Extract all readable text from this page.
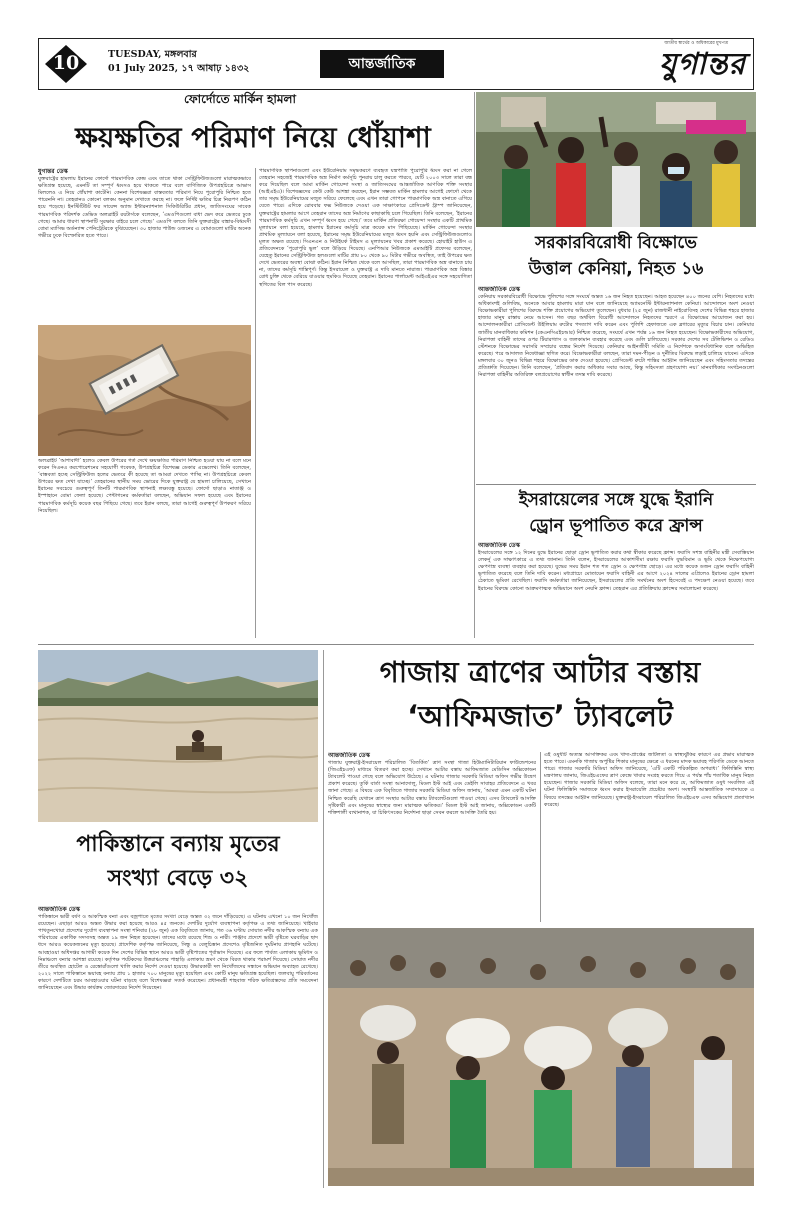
10	TUESDAY, মঙ্গলবার
01 July 2025, ১৭ আষাঢ় ১৪৩২	আন্তর্জাতিক
জাতীয় স্বার্থের ও অধিকারের মুখপত্র
যুগান্তর
ফোর্দোতে মার্কিন হামলা
ক্ষয়ক্ষতির পরিমাণ নিয়ে ধোঁয়াশা
যুগান্তর ডেস্ক
যুক্তরাষ্ট্রের হামলায় ইরানের ফোর্দো পারমাণবিক কেন্দ্র এবং তাতে থাকা সেন্ট্রিফিউজগুলো মারাত্মকভাবে ক্ষতিগ্রস্ত হয়েছে, এমনটি তা সম্পূর্ণ ধ্বংসও হয়ে থাকতে পারে বলে বাণিজ্যিক উপগ্রহচিত্রে আভাস মিললেও এ নিয়ে ধোঁয়াশা কাটেনি। কেননা বিশেষজ্ঞরা বাস্তবতার পরিমাণ নিয়ে পুরোপুরি নিশ্চিত হতে পারেননি না। তেহরানও কোনো বলকম অনুমান দেখাতে করছে না। ফলে নির্দিষ্ট ক্ষতির চিত্র নিরূপণ কঠিন হয়ে পড়েছে। ইনস্টিটিউট ফর সায়েন্স অ্যান্ড ইন্টারন্যাশনাল সিকিউরিটির প্রধান, জাতিসংঘের সাবেক পারমাণবিক পরিদর্শক ডেভিড অলব্রাইট রয়টার্সকে বলেছেন, ‘এমওপিগুলো বাধা ভেদ করে ভেতরে ঢুকে গেছে। আমার ধারণা স্থাপনাটি সুরক্ষার বাইরে চলে গেছে।’ এমওপি বলতে তিনি যুক্তরাষ্ট্রের বাঙ্কার-বিধ্বংসী বোমা ম্যাসিভ অর্ডন্যান্স পেনিট্রেটরকে বুঝিয়েছেন। ৩০ হাজার পাউন্ড ওজনের এ বোমাগুলো মাটির অনেক গভীরে ঢুকে বিস্ফোরিত হতে পারে।
অলব্রাইট ‘আশাবাদী’ হলেও কেবল উপরের গর্ত দেখে ক্ষয়ক্ষতির পরিমাণ নিশ্চিত হওয়া যায় না বলে মনে করেন সিএনএ করপোরেশনের সহযোগী গবেষক, উপগ্রহচিত্র বিশেষজ্ঞ ডেকার এভেলেথ। তিনি বলেছেন, ‘বাস্তবতা হচ্ছে সেন্ট্রিফিউজ হলের ভেতরে কী হয়েছে তা আমরা দেখতে পাচ্ছি না। উপগ্রহচিত্রে কেবল উপরের ক্ষত দেখা যাচ্ছে।’ তেহরানের স্থানীয় সময় ভোরের দিকে যুক্তরাষ্ট্র যে হামলা চালিয়েছে, সেখানে ইরানের সবচেয়ে গুরুত্বপূর্ণ তিনটি পারমাণবিক স্থাপনাই লক্ষ্যবস্তু হয়েছে। ফোর্দো ছাড়াও নাতাঞ্জ ও ইস্পাহানে বোমা ফেলা হয়েছে। পেন্টাগনের কর্মকর্তারা বলছেন, অভিযান সফল হয়েছে এবং ইরানের পারমাণবিক কর্মসূচি কয়েক বছর পিছিয়ে গেছে। তবে ইরান বলছে, তারা আগেই গুরুত্বপূর্ণ উপকরণ সরিয়ে নিয়েছিল।
পারমাণবিক স্থাপনাগুলো এবং ইউরেনিয়াম সমৃদ্ধকরণে ব্যবহৃত যন্ত্রপাতি পুরোপুরি ধ্বংস করা না গেলে তেহরান সহজেই পারমাণবিক অস্ত্র নির্মাণ কর্মসূচি পুনরায় চালু করতে পারবে, যেটি ২০০৩ সালে তারা বন্ধ করে দিয়েছিল বলে আমা মার্কিন গোয়েন্দা সংস্থা ও জাতিসংঘের আন্তর্জাতিক আণবিক শক্তি সংস্থার (আইএইএ)। বিশেষজ্ঞদের কেউ কেউ আশঙ্কা করছেন, ইরান সম্ভবত মার্কিন হামলার আগেই ফোর্দো থেকে তার সমৃদ্ধ ইউরেনিয়ামের মজুত সরিয়ে ফেলেছে এবং এখন তারা গোপনে পারমাণবিক অস্ত্র বানাতে এগিয়ে যেতে পারে। এদিকে রোববার ফক্স নিউজকে দেওয়া এক সাক্ষাৎকারে প্রেসিডেন্ট ট্রাম্প জানিয়েছেন, যুক্তরাষ্ট্রের হামলার আগে তেহরান তাদের অস্ত্র নির্মাণের কাছাকাছি চলে গিয়েছিল। তিনি বলেছেন, ‘ইরানের পারমাণবিক কর্মসূচি এখন সম্পূর্ণ ধ্বংস হয়ে গেছে।’ তবে মার্কিন প্রতিরক্ষা গোয়েন্দা সংস্থার একটি প্রাথমিক মূল্যায়নে বলা হয়েছে, হামলায় ইরানের কর্মসূচি মাত্র কয়েক মাস পিছিয়েছে। মার্কিন গোয়েন্দা সংস্থার প্রাথমিক মূল্যায়নে বলা হয়েছে, ইরানের সমৃদ্ধ ইউরেনিয়ামের মজুত ধ্বংস হয়নি এবং সেন্ট্রিফিউজগুলোও মূলত অক্ষত রয়েছে। সিএনএন ও নিউইয়র্ক টাইমস এ মূল্যায়নের খবর প্রকাশ করেছে। হোয়াইট হাউস এ প্রতিবেদনকে ‘পুরোপুরি ভুল’ বলে উড়িয়ে দিয়েছে। এনপিআর নিউজকে এমআইটি প্রফেসর বলেছেন, যেহেতু ইরানের সেন্ট্রিফিউজ হলগুলো মাটির প্রায় ৮০ থেকে ৯০ মিটার গভীরে অবস্থিত, তাই উপরের ক্ষত দেখে ভেতরের অবস্থা বোঝা কঠিন। ইরান নিশ্চিত থেকে বলে আসছিল, তারা পারমাণবিক অস্ত্র বানাতে চায় না, তাদের কর্মসূচি শান্তিপূর্ণ। কিন্তু ইসরায়েল ও যুক্তরাষ্ট্র এ দাবি মানতে নারাজ। পারমাণবিক অস্ত্র বিস্তার রোধ চুক্তি থেকে বেরিয়ে যাওয়ার হুমকিও দিয়েছে তেহরান। ইরানের পার্লামেন্ট আইএইএর সঙ্গে সহযোগিতা স্থগিতের বিল পাস করেছে।
সরকারবিরোধী বিক্ষোভে
উত্তাল কেনিয়া, নিহত ১৬
আন্তর্জাতিক ডেস্ক
কেনিয়ায় সরকারবিরোধী বিক্ষোভে পুলিশের সঙ্গে সংঘর্ষে অন্তত ১৬ জন নিহত হয়েছেন। আহত হয়েছেন ৪০০ জনের বেশি। নিহতদের মধ্যে অধিকাংশই গুলিবিদ্ধ, অনেকে আবার হামলায় মারা যান বলে জানিয়েছে অ্যামনেস্টি ইন্টারন্যাশনাল কেনিয়া। আন্দোলনে অংশ নেওয়া বিক্ষোভকারীরা পুলিশের বিরুদ্ধে শক্তি প্রয়োগের অভিযোগ তুলেছেন। বুধবার (২৫ জুন) রাজধানী নাইরোবিসহ দেশের বিভিন্ন শহরে হাজার হাজার মানুষ রাস্তায় নেমে আসেন। গত বছর অর্থবিল বিরোধী আন্দোলনে নিহতদের স্মরণে এ বিক্ষোভের আয়োজন করা হয়। আন্দোলনকারীরা প্রেসিডেন্ট উইলিয়াম রুটোর পদত্যাগ দাবি করেন এবং পুলিশি হেফাজতে এক ব্লগারের মৃত্যুর বিচার চান। কেনিয়ার জাতীয় মানবাধিকার কমিশন (কেএনসিএইচআর) নিশ্চিত করেছে, সংঘর্ষে এখন পর্যন্ত ১৬ জন নিহত হয়েছেন। বিক্ষোভকারীদের অভিযোগ, নিরাপত্তা বাহিনী তাদের ওপর টিয়ারগ্যাস ও জলকামান ব্যবহার করেছে এবং গুলি চালিয়েছে। সরকার দেশের সব টেলিভিশন ও রেডিও স্টেশনকে বিক্ষোভের সরাসরি সম্প্রচার বন্ধের নির্দেশ দিয়েছে। কেনিয়ার আইনজীবী সমিতি এ নির্দেশকে অসাংবিধানিক বলে অভিহিত করেছে। পরে আদালত নিষেধাজ্ঞা স্থগিত করে। বিক্ষোভকারীরা বলছেন, তারা দমন-পীড়ন ও দুর্নীতির বিরুদ্ধে লড়াই চালিয়ে যাবেন। এদিকে মঙ্গলবার ৩০ জুনও বিভিন্ন শহরে বিক্ষোভের ডাক দেওয়া হয়েছে। প্রেসিডেন্ট রুটো শান্তির আহ্বান জানিয়েছেন এবং সহিংসতার তদন্তের প্রতিশ্রুতি দিয়েছেন। তিনি বলেছেন, ‘প্রতিবাদ করার অধিকার সবার আছে, কিন্তু সহিংসতা গ্রহণযোগ্য নয়।’ মানবাধিকার সংগঠনগুলো নিরাপত্তা বাহিনীর অতিরিক্ত বলপ্রয়োগের স্বাধীন তদন্ত দাবি করেছে।
ইসরায়েলের সঙ্গে যুদ্ধে ইরানি
ড্রোন ভূপাতিত করে ফ্রান্স
আন্তর্জাতিক ডেস্ক
ইসরায়েলের সঙ্গে ১২ দিনের যুদ্ধে ইরানের ছোড়া ড্রোন ভূপাতিত করার কথা স্বীকার করেছে ফ্রান্স। ফরাসি সশস্ত্র বাহিনীর মন্ত্রী সেবাস্তিয়ান লেকর্নু এক সাক্ষাৎকারে এ তথ্য জানান। তিনি বলেন, ইসরায়েলের আকাশসীমা রক্ষায় ফরাসি যুদ্ধবিমান ও ভূমি থেকে নিক্ষেপযোগ্য ক্ষেপণাস্ত্র ব্যবস্থা ব্যবহার করা হয়েছে। যুদ্ধের সময় ইরান শত শত ড্রোন ও ক্ষেপণাস্ত্র ছোড়ে। এর মধ্যে কয়েক ডজন ড্রোন ফরাসি বাহিনী ভূপাতিত করেছে বলে তিনি দাবি করেন। মধ্যপ্রাচ্যে মোতায়েন ফরাসি বাহিনী এর আগে ২০২৪ সালের এপ্রিলেও ইরানের ড্রোন হামলা ঠেকাতে ভূমিকা রেখেছিল। ফরাসি কর্মকর্তারা জানিয়েছেন, ইসরায়েলের প্রতি সমর্থনের অংশ হিসেবেই এ পদক্ষেপ নেওয়া হয়েছে। তবে ইরানের বিরুদ্ধে কোনো আক্রমণাত্মক অভিযানে অংশ নেয়নি ফ্রান্স। তেহরান এর প্রতিক্রিয়ায় ফ্রান্সের সমালোচনা করেছে।
পাকিস্তানে বন্যায় মৃতের
সংখ্যা বেড়ে ৩২
আন্তর্জাতিক ডেস্ক
পাকিস্তানে ভারী বর্ষণ ও আকস্মিক বন্যা এবং বজ্রপাতে মৃতের সংখ্যা বেড়ে অন্তত ৩২ জনে দাঁড়িয়েছে। এ ঘটনায় এখনো ১০ জন নিখোঁজ রয়েছেন। এছাড়া আরও অন্তত উদ্ধার করা হয়েছে আরও ৪৫ জনকে। দেশটির দুর্যোগ ব্যবস্থাপনা কর্তৃপক্ষ এ তথ্য জানিয়েছে। খাইবার পাখতুনখোয়া প্রদেশের দুর্যোগ ব্যবস্থাপনা সংস্থা শনিবার (২৮ জুন) এক বিবৃতিতে জানায়, গত ৩৬ ঘণ্টায় সোয়াত নদীর আকস্মিক বন্যায় এক পরিবারের একাধিক সদস্যসহ অন্তত ১৯ জন নিহত হয়েছেন। তাদের মধ্যে রয়েছে শিশু ও নারী। পাঞ্জাব প্রদেশে ভারী বৃষ্টিতে ঘরবাড়ির ছাদ ধসে আরও কয়েকজনের মৃত্যু হয়েছে। প্রাদেশিক কর্তৃপক্ষ জানিয়েছে, সিন্ধু ও বেলুচিস্তান প্রদেশেও বৃষ্টিজনিত দুর্ঘটনায় প্রাণহানি ঘটেছে। আবহাওয়া অধিদপ্তর আগামী কয়েক দিন দেশের বিভিন্ন স্থানে আরও ভারী বৃষ্টিপাতের পূর্বাভাস দিয়েছে। এর ফলে পার্বত্য এলাকায় ভূমিধস ও নিম্নাঞ্চলে বন্যার আশঙ্কা রয়েছে। কর্তৃপক্ষ পর্যটকদের উত্তরাঞ্চলের পাহাড়ি এলাকায় ভ্রমণ থেকে বিরত থাকার পরামর্শ দিয়েছে। সোয়াত নদীর তীরে অবস্থিত হোটেল ও রেস্তোরাঁগুলো খালি করার নির্দেশ দেওয়া হয়েছে। উদ্ধারকারী দল নিখোঁজদের সন্ধানে অভিযান অব্যাহত রেখেছে। ২০২২ সালে পাকিস্তানে ভয়াবহ বন্যায় প্রায় ১ হাজার ৭০০ মানুষের মৃত্যু হয়েছিল এবং কোটি মানুষ ক্ষতিগ্রস্ত হয়েছিল। জলবায়ু পরিবর্তনের কারণে দেশটিতে চরম আবহাওয়ার ঘটনা বাড়ছে বলে বিশেষজ্ঞরা সতর্ক করেছেন। প্রধানমন্ত্রী শাহবাজ শরিফ ক্ষতিগ্রস্তদের প্রতি সমবেদনা জানিয়েছেন এবং উদ্ধার কার্যক্রম জোরদারের নির্দেশ দিয়েছেন।
গাজায় ত্রাণের আটার বস্তায়
‘আফিমজাত’ ট্যাবলেট
আন্তর্জাতিক ডেস্ক
গাজায় যুক্তরাষ্ট্র-ইসরায়েল পরিচালিত ‘বিতর্কিত’ ত্রাণ সংস্থা গাজা হিউম্যানিটারিয়ান ফাউন্ডেশনের (জিএইচএফ) মাধ্যমে বিতরণ করা হচ্ছে। সেখানে আটার বস্তায় আফিমজাত মেডিসিন অক্সিকোডন ট্যাবলেট পাওয়া গেছে বলে অভিযোগ উঠেছে। এ ঘটনায় গাজার সরকারি মিডিয়া অফিস গভীর উদ্বেগ প্রকাশ করেছে। তুর্কি বার্তা সংস্থা আনাদোলু, মিডল ইস্ট আই এবং ডেইলি সাবাহর প্রতিবেদনে এ খবর জানা গেছে। এ বিষয়ে এক বিবৃতিতে গাজার সরকারি মিডিয়া অফিস জানায়, ‘আমরা এমন একটি ঘটনা নিশ্চিত করেছি যেখানে ত্রাণ সংস্থার আটার বস্তায় ট্যাবলেটগুলো পাওয়া গেছে। এসব ট্যাবলেট আসক্তি সৃষ্টিকারী এবং মানুষের স্বাস্থ্যের জন্য মারাত্মক ক্ষতিকর।’ মিডল ইস্ট আই জানায়, অক্সিকোডন একটি শক্তিশালী ব্যথানাশক, যা চিকিৎসকের নির্দেশনা ছাড়া সেবন করলে আসক্তি তৈরি হয়।
এই ওষুধটি অত্যন্ত আসক্তিকর এবং খাদ্য-প্রাপ্তের জটিলতা ও স্বাস্থ্যঝুঁকির কারণে এর প্রভাব মারাত্মক হতে পারে। এমনকি গাজায় অপুষ্টির শিকার মানুষের ক্ষেত্রে এ ধরনের মাদক ভয়াবহ পরিণতি ডেকে আনতে পারে। গাজার সরকারি মিডিয়া অফিস জানিয়েছে, ‘এটি একটি পরিকল্পিত অপরাধ।’ ফিলিস্তিনি স্বাস্থ্য মন্ত্রণালয় জানায়, জিএইচএফের ত্রাণ কেন্দ্রে খাবার সংগ্রহ করতে গিয়ে এ পর্যন্ত পাঁচ শতাধিক মানুষ নিহত হয়েছেন। গাজার সরকারি মিডিয়া অফিস বলেছে, তারা মনে করে যে, আফিমজাত ওষুধ সংবলিত এই ঘটনা ফিলিস্তিনি সমাজকে ধ্বংস করার ইসরায়েলি প্রচেষ্টার অংশ। সংস্থাটি আন্তর্জাতিক সম্প্রদায়কে এ বিষয়ে তদন্তের আহ্বান জানিয়েছে। যুক্তরাষ্ট্র-ইসরায়েল পরিচালিত জিএইচএফ এসব অভিযোগ প্রত্যাখ্যান করেছে।
